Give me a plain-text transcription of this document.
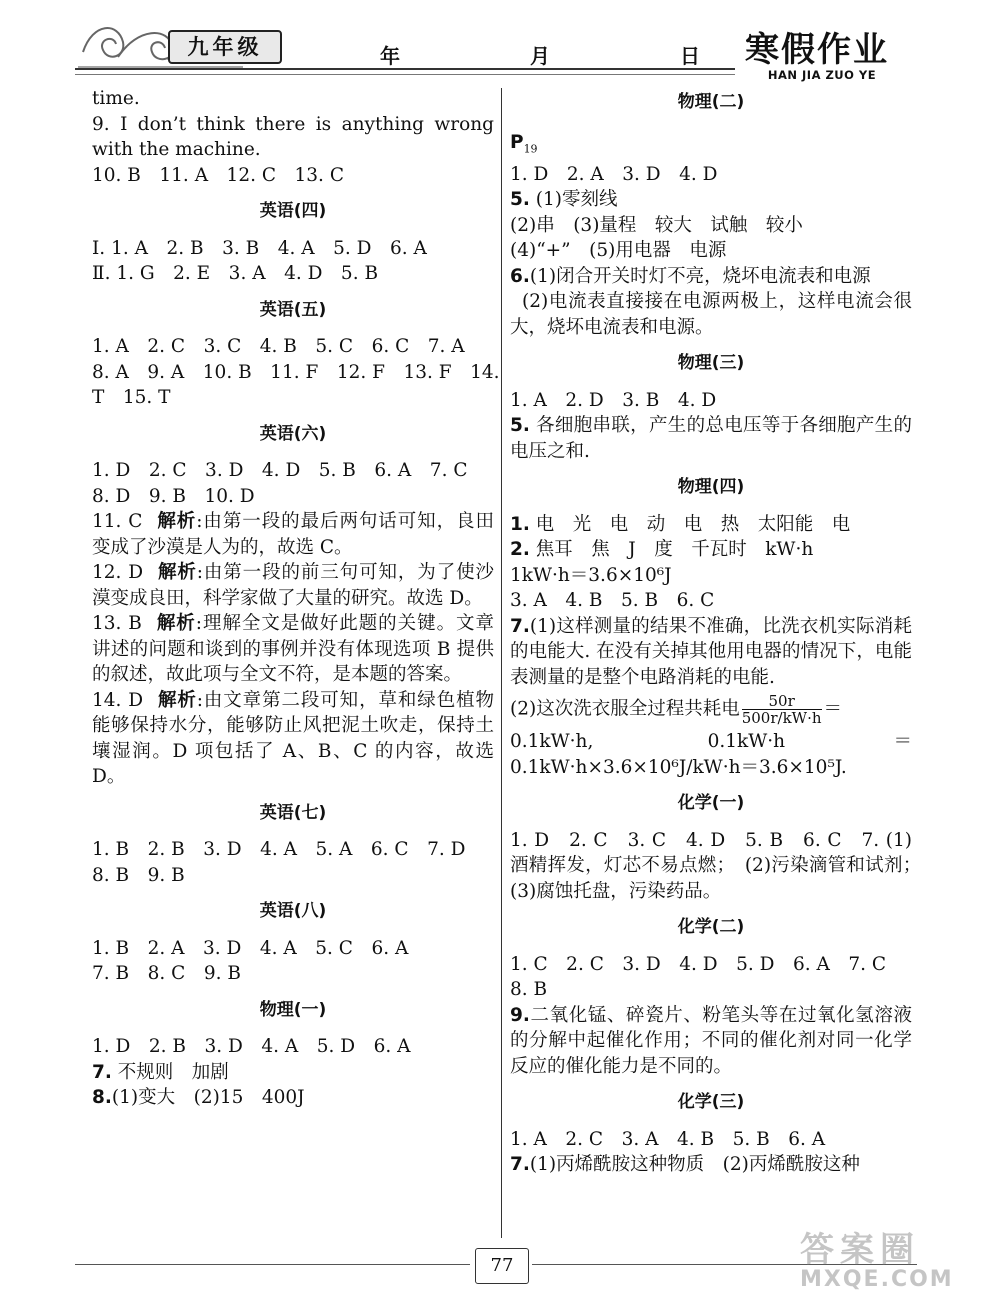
九年级	年	月	日 寒假作业
HAN JIA ZUO YE
time.
9. I don’t think there is anything wrong with the machine.
10. B　11. A　12. C　13. C
英语(四)
Ⅰ. 1. A　2. B　3. B　4. A　5. D　6. A
Ⅱ. 1. G　2. E　3. A　4. D　5. B
英语(五)
1. A　2. C　3. C　4. B　5. C　6. C　7. A
8. A　9. A　10. B　11. F　12. F　13. F　14.
T　15. T
英语(六)
1. D　2. C　3. D　4. D　5. B　6. A　7. C
8. D　9. B　10. D
11. C 解析:由第一段的最后两句话可知，良田变成了沙漠是人为的，故选 C。
12. D 解析:由第一段的前三句可知，为了使沙漠变成良田，科学家做了大量的研究。故选 D。
13. B 解析:理解全文是做好此题的关键。文章讲述的问题和谈到的事例并没有体现选项 B 提供的叙述，故此项与全文不符，是本题的答案。
14. D 解析:由文章第二段可知，草和绿色植物能够保持水分，能够防止风把泥土吹走，保持土壤湿润。D 项包括了 A、B、C 的内容，故选 D。
英语(七)
1. B　2. B　3. D　4. A　5. A　6. C　7. D
8. B　9. B
英语(八)
1. B　2. A　3. D　4. A　5. C　6. A
7. B　8. C　9. B
物理(一)
1. D　2. B　3. D　4. A　5. D　6. A
7. 不规则　加剧
8.(1)变大　(2)15　400J
物理(二)
$P_{19}$
1. D　2. A　3. D　4. D
5. (1)零刻线
(2)串　(3)量程　较大　试触　较小
(4)“+”　(5)用电器　电源
6.(1)闭合开关时灯不亮，烧坏电流表和电源
(2)电流表直接接在电源两极上，这样电流会很大，烧坏电流表和电源。
物理(三)
1. A　2. D　3. B　4. D
5. 各细胞串联，产生的总电压等于各细胞产生的电压之和.
物理(四)
1. 电　光　电　动　电　热　太阳能　电
2. 焦耳　焦　J　度　千瓦时　kW·h
1kW·h＝3.6×10⁶J
3. A　4. B　5. B　6. C
7.(1)这样测量的结果不准确，比洗衣机实际消耗的电能大. 在没有关掉其他用电器的情况下，电能表测量的是整个电路消耗的电能.
(2)这次洗衣服全过程共耗电 $\frac{50r}{500r/kW\cdot h}$ ＝
0.1kW·h, 0.1kW·h＝0.1kW·h×3.6×10⁶J/kW·h＝3.6×10⁵J.
化学(一)
1. D　2. C　3. C　4. D　5. B　6. C　7. (1)酒精挥发，灯芯不易点燃；　(2)污染滴管和试剂；　(3)腐蚀托盘，污染药品。
化学(二)
1. C　2. C　3. D　4. D　5. D　6. A　7. C
8. B
9.二氧化锰、碎瓷片、粉笔头等在过氧化氢溶液的分解中起催化作用；不同的催化剂对同一化学反应的催化能力是不同的。
化学(三)
1. A　2. C　3. A　4. B　5. B　6. A
7.(1)丙烯酰胺这种物质　(2)丙烯酰胺这种
77	答案圈
MXQE.COM
